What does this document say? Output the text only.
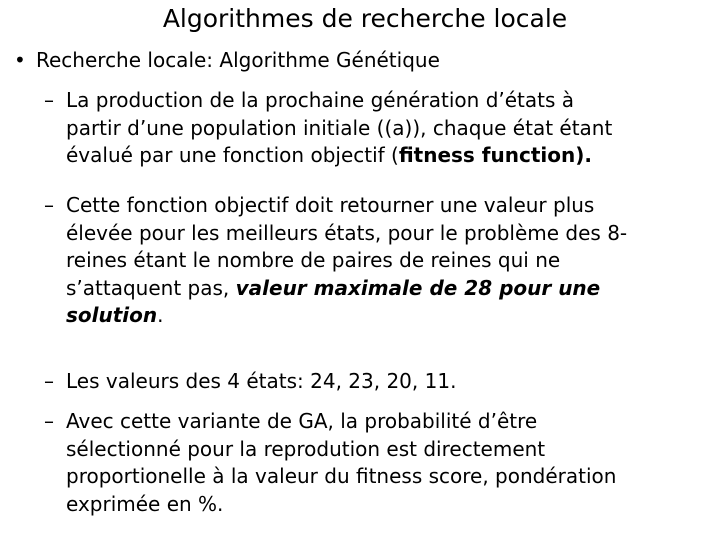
Algorithmes de recherche locale
• Recherche locale: Algorithme Génétique
– La production de la prochaine génération d’états à
partir d’une population initiale ((a)), chaque état étant
évalué par une fonction objectif (fitness function).
– Cette fonction objectif doit retourner une valeur plus
élevée pour les meilleurs états, pour le problème des 8-
reines étant le nombre de paires de reines qui ne
s’attaquent pas, valeur maximale de 28 pour une
solution.
– Les valeurs des 4 états: 24, 23, 20, 11.
– Avec cette variante de GA, la probabilité d’être
sélectionné pour la reprodution est directement
proportionelle à la valeur du fitness score, pondération
exprimée en %.
